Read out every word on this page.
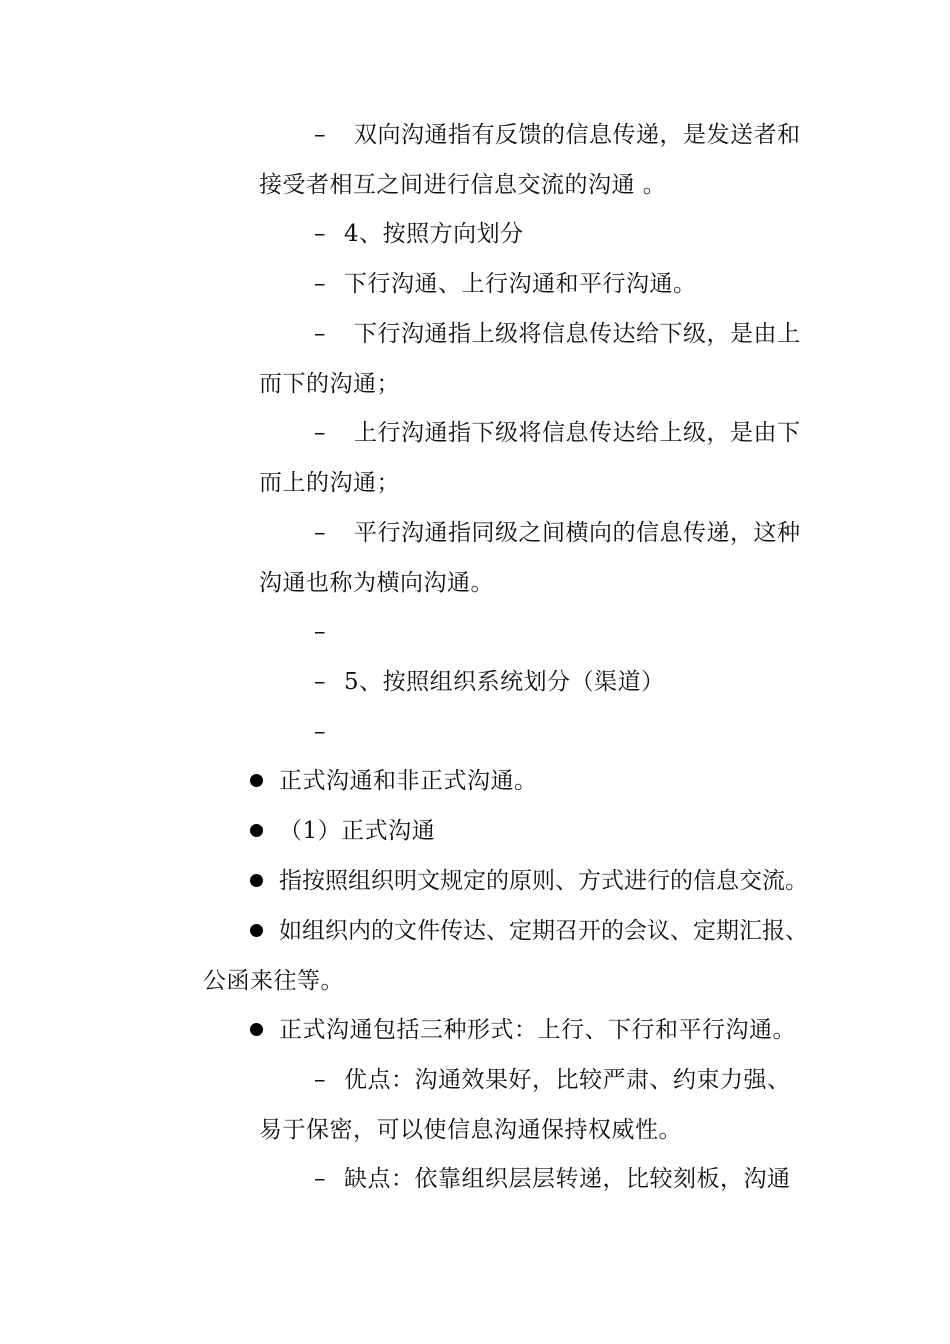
– 双向沟通指有反馈的信息传递，是发送者和
接受者相互之间进行信息交流的沟通 。
– 4、按照方向划分
– 下行沟通、上行沟通和平行沟通。
– 下行沟通指上级将信息传达给下级，是由上
而下的沟通；
– 上行沟通指下级将信息传达给上级，是由下
而上的沟通；
– 平行沟通指同级之间横向的信息传递，这种
沟通也称为横向沟通。
–
– 5、按照组织系统划分（渠道）
–
正式沟通和非正式沟通。
（1）正式沟通
指按照组织明文规定的原则、方式进行的信息交流。
如组织内的文件传达、定期召开的会议、定期汇报、
公函来往等。
正式沟通包括三种形式：上行、下行和平行沟通。
– 优点：沟通效果好，比较严肃、约束力强、
易于保密，可以使信息沟通保持权威性。
– 缺点：依靠组织层层转递，比较刻板，沟通
